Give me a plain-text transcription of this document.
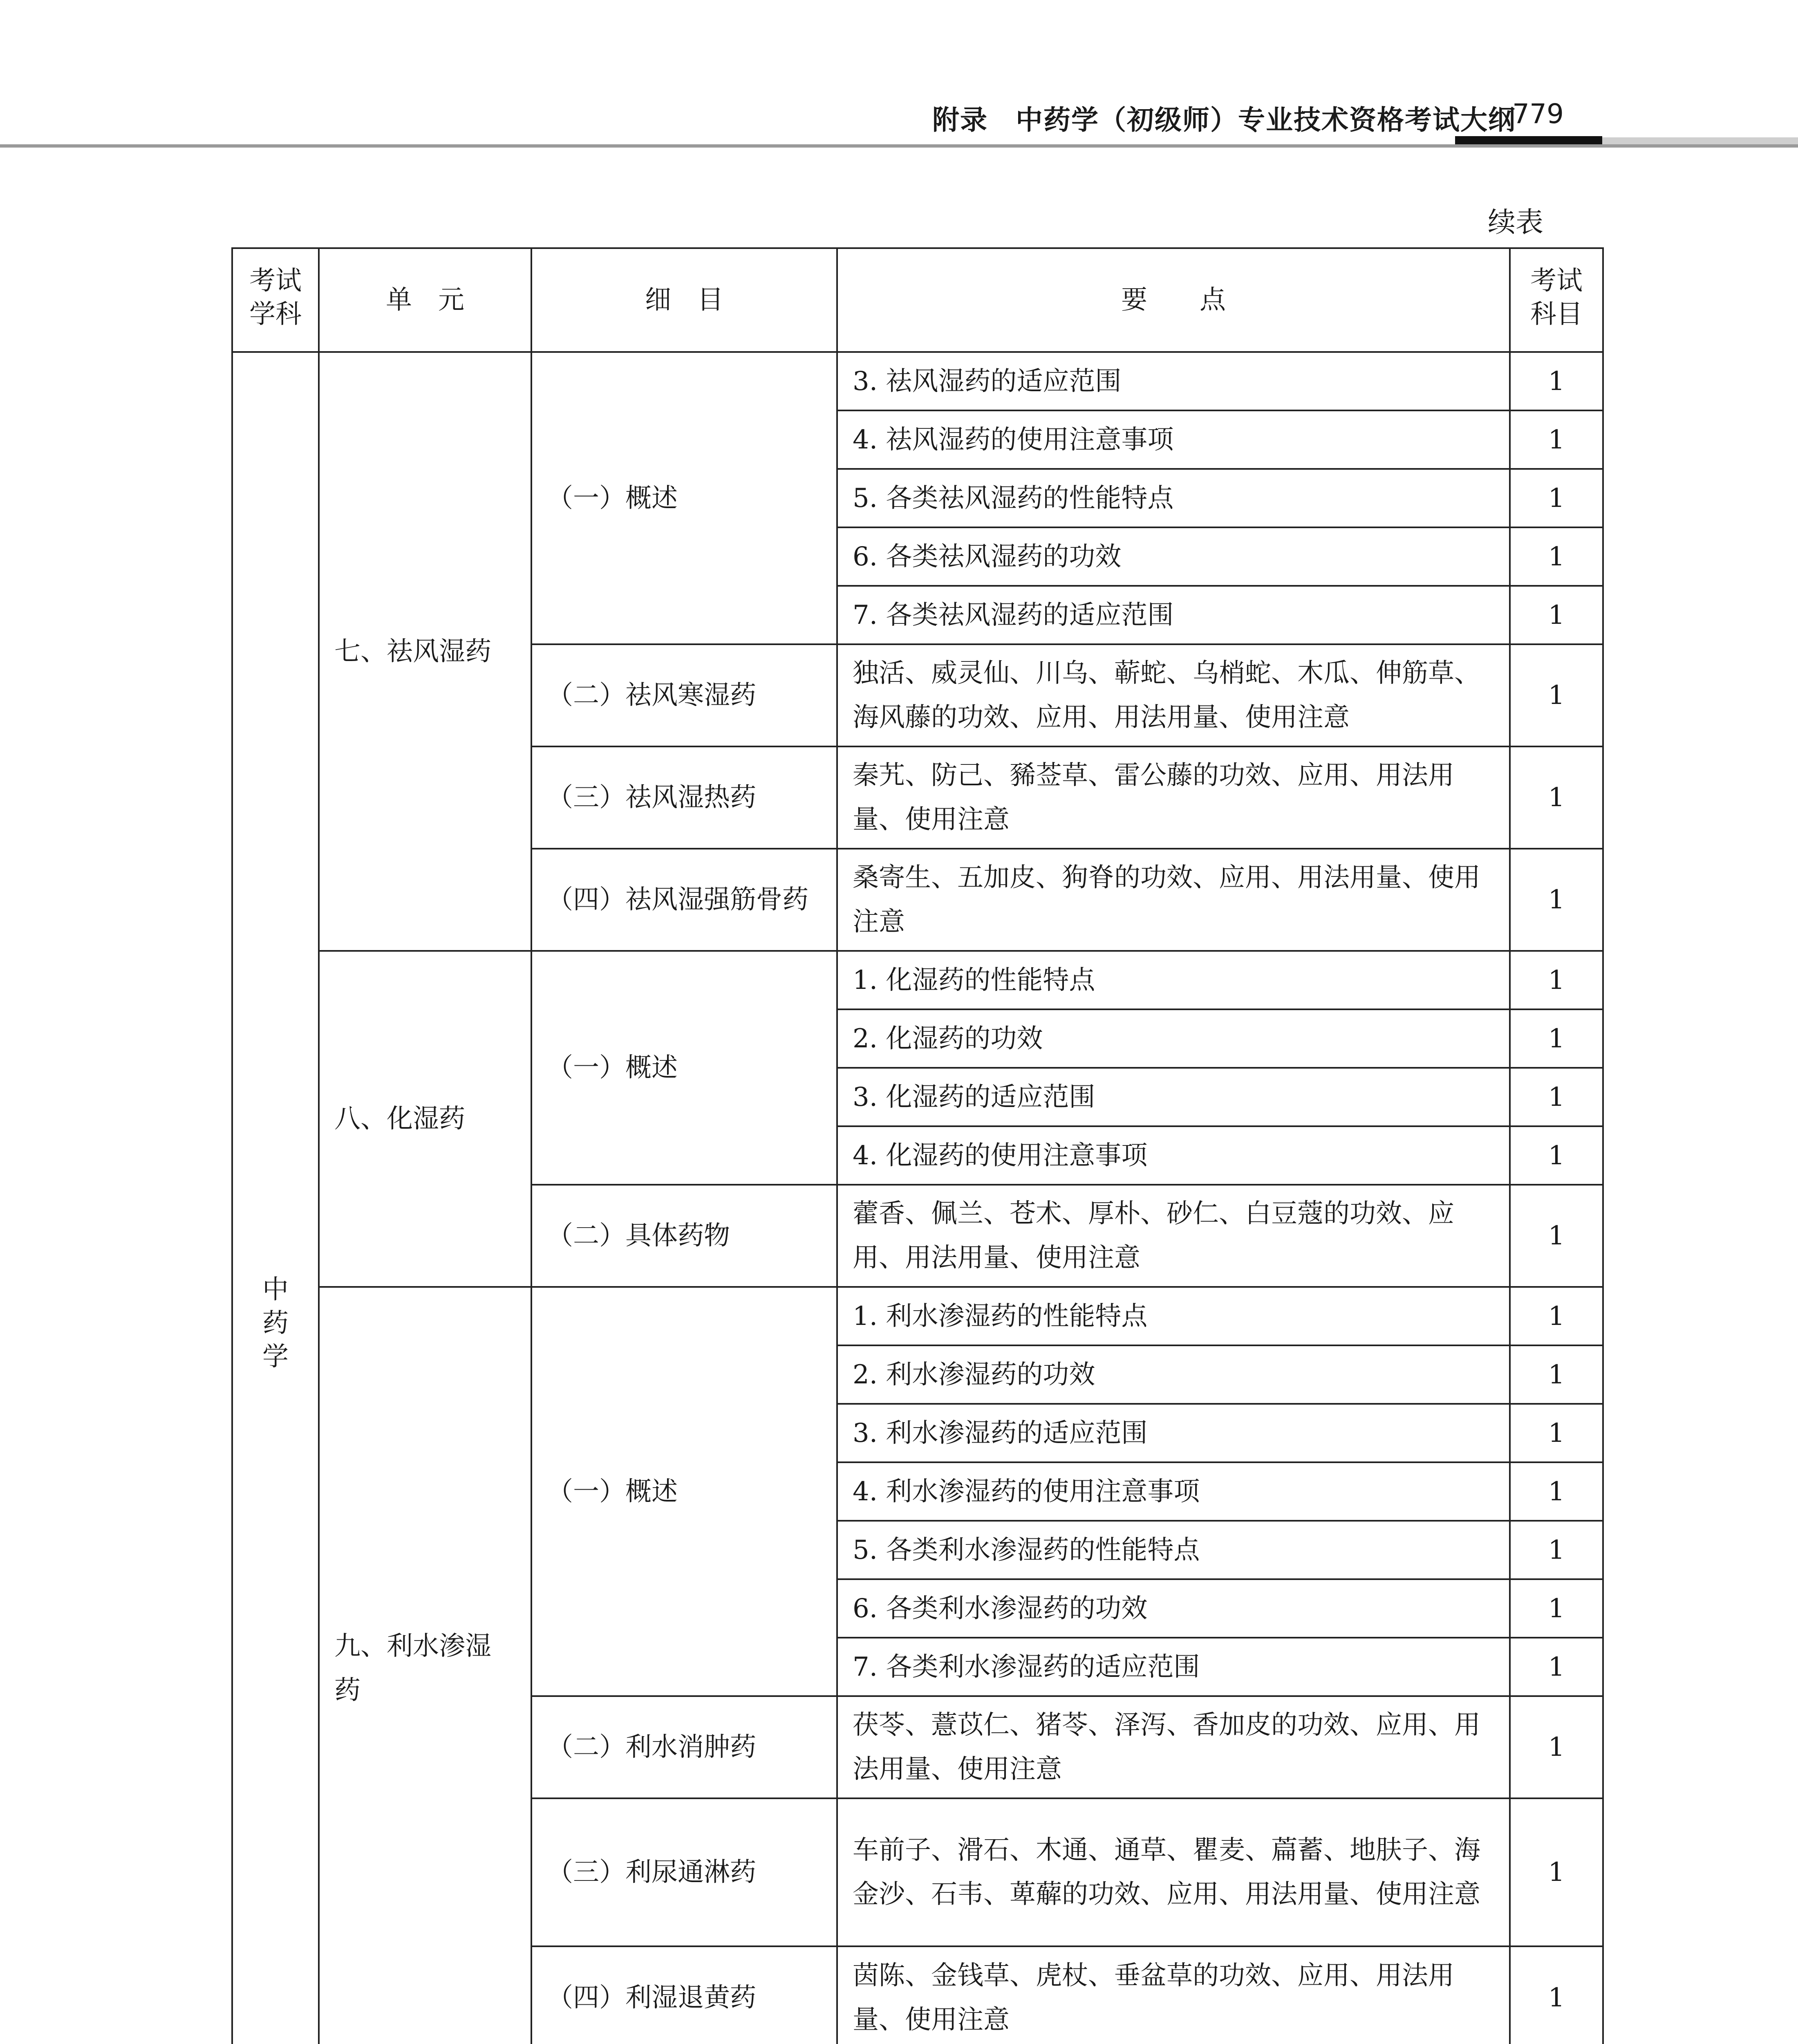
附录　中药学（初级师）专业技术资格考试大纲
779
续表
考试学科	单　元	细　目	要　　点	考试科目
中药学	七、祛风湿药	（一）概述	3. 祛风湿药的适应范围	1
			4. 祛风湿药的使用注意事项	1
			5. 各类祛风湿药的性能特点	1
			6. 各类祛风湿药的功效	1
			7. 各类祛风湿药的适应范围	1
		（二）祛风寒湿药	独活、威灵仙、川乌、蕲蛇、乌梢蛇、木瓜、伸筋草、海风藤的功效、应用、用法用量、使用注意	1
		（三）祛风湿热药	秦艽、防己、豨莶草、雷公藤的功效、应用、用法用量、使用注意	1
		（四）祛风湿强筋骨药	桑寄生、五加皮、狗脊的功效、应用、用法用量、使用注意	1
	八、化湿药	（一）概述	1. 化湿药的性能特点	1
			2. 化湿药的功效	1
			3. 化湿药的适应范围	1
			4. 化湿药的使用注意事项	1
		（二）具体药物	藿香、佩兰、苍术、厚朴、砂仁、白豆蔻的功效、应用、用法用量、使用注意	1
	九、利水渗湿药	（一）概述	1. 利水渗湿药的性能特点	1
			2. 利水渗湿药的功效	1
			3. 利水渗湿药的适应范围	1
			4. 利水渗湿药的使用注意事项	1
			5. 各类利水渗湿药的性能特点	1
			6. 各类利水渗湿药的功效	1
			7. 各类利水渗湿药的适应范围	1
		（二）利水消肿药	茯苓、薏苡仁、猪苓、泽泻、香加皮的功效、应用、用法用量、使用注意	1
		（三）利尿通淋药	车前子、滑石、木通、通草、瞿麦、萹蓄、地肤子、海金沙、石韦、萆薢的功效、应用、用法用量、使用注意	1
		（四）利湿退黄药	茵陈、金钱草、虎杖、垂盆草的功效、应用、用法用量、使用注意	1
